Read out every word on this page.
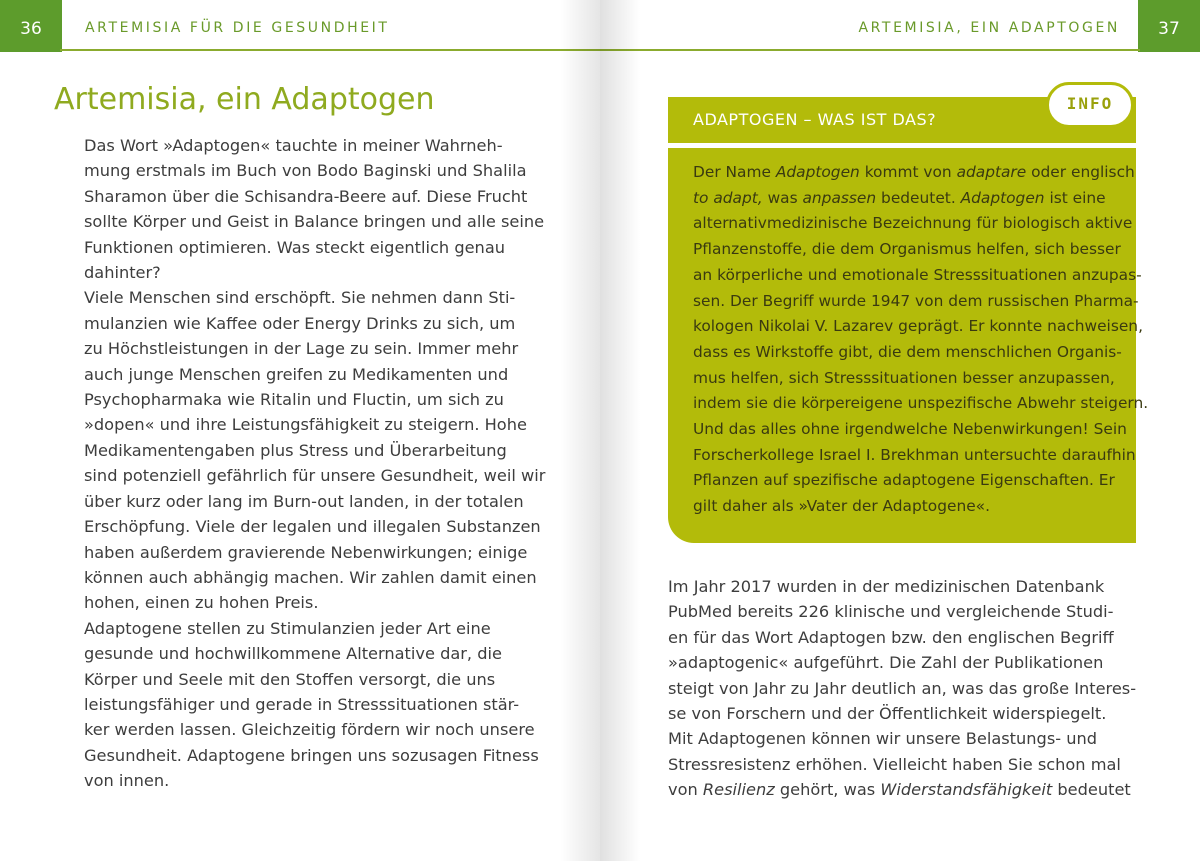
36	ARTEMISIA FÜR DIE GESUNDHEIT
Artemisia, ein Adaptogen
Das Wort »Adaptogen« tauchte in meiner Wahrneh-
mung erstmals im Buch von Bodo Baginski und Shalila
Sharamon über die Schisandra-Beere auf. Diese Frucht
sollte Körper und Geist in Balance bringen und alle seine
Funktionen optimieren. Was steckt eigentlich genau
dahinter?
Viele Menschen sind erschöpft. Sie nehmen dann Sti-
mulanzien wie Kaffee oder Energy Drinks zu sich, um
zu Höchstleistungen in der Lage zu sein. Immer mehr
auch junge Menschen greifen zu Medikamenten und
Psychopharmaka wie Ritalin und Fluctin, um sich zu
»dopen« und ihre Leistungsfähigkeit zu steigern. Hohe
Medikamentengaben plus Stress und Überarbeitung
sind potenziell gefährlich für unsere Gesundheit, weil wir
über kurz oder lang im Burn-out landen, in der totalen
Erschöpfung. Viele der legalen und illegalen Substanzen
haben außerdem gravierende Nebenwirkungen; einige
können auch abhängig machen. Wir zahlen damit einen
hohen, einen zu hohen Preis.
Adaptogene stellen zu Stimulanzien jeder Art eine
gesunde und hochwillkommene Alternative dar, die
Körper und Seele mit den Stoffen versorgt, die uns
leistungsfähiger und gerade in Stresssituationen stär-
ker werden lassen. Gleichzeitig fördern wir noch unsere
Gesundheit. Adaptogene bringen uns sozusagen Fitness
von innen.
37
ARTEMISIA, EIN ADAPTOGEN
ADAPTOGEN – WAS IST DAS?
INFO
Der Name Adaptogen kommt von adaptare oder englisch
to adapt, was anpassen bedeutet. Adaptogen ist eine
alternativmedizinische Bezeichnung für biologisch aktive
Pflanzenstoffe, die dem Organismus helfen, sich besser
an körperliche und emotionale Stresssituationen anzupas-
sen. Der Begriff wurde 1947 von dem russischen Pharma-
kologen Nikolai V. Lazarev geprägt. Er konnte nachweisen,
dass es Wirkstoffe gibt, die dem menschlichen Organis-
mus helfen, sich Stresssituationen besser anzupassen,
indem sie die körpereigene unspezifische Abwehr steigern.
Und das alles ohne irgendwelche Nebenwirkungen! Sein
Forscherkollege Israel I. Brekhman untersuchte daraufhin
Pflanzen auf spezifische adaptogene Eigenschaften. Er
gilt daher als »Vater der Adaptogene«.
Im Jahr 2017 wurden in der medizinischen Datenbank
PubMed bereits 226 klinische und vergleichende Studi-
en für das Wort Adaptogen bzw. den englischen Begriff
»adaptogenic« aufgeführt. Die Zahl der Publikationen
steigt von Jahr zu Jahr deutlich an, was das große Interes-
se von Forschern und der Öffentlichkeit widerspiegelt.
Mit Adaptogenen können wir unsere Belastungs- und
Stressresistenz erhöhen. Vielleicht haben Sie schon mal
von Resilienz gehört, was Widerstandsfähigkeit bedeutet
